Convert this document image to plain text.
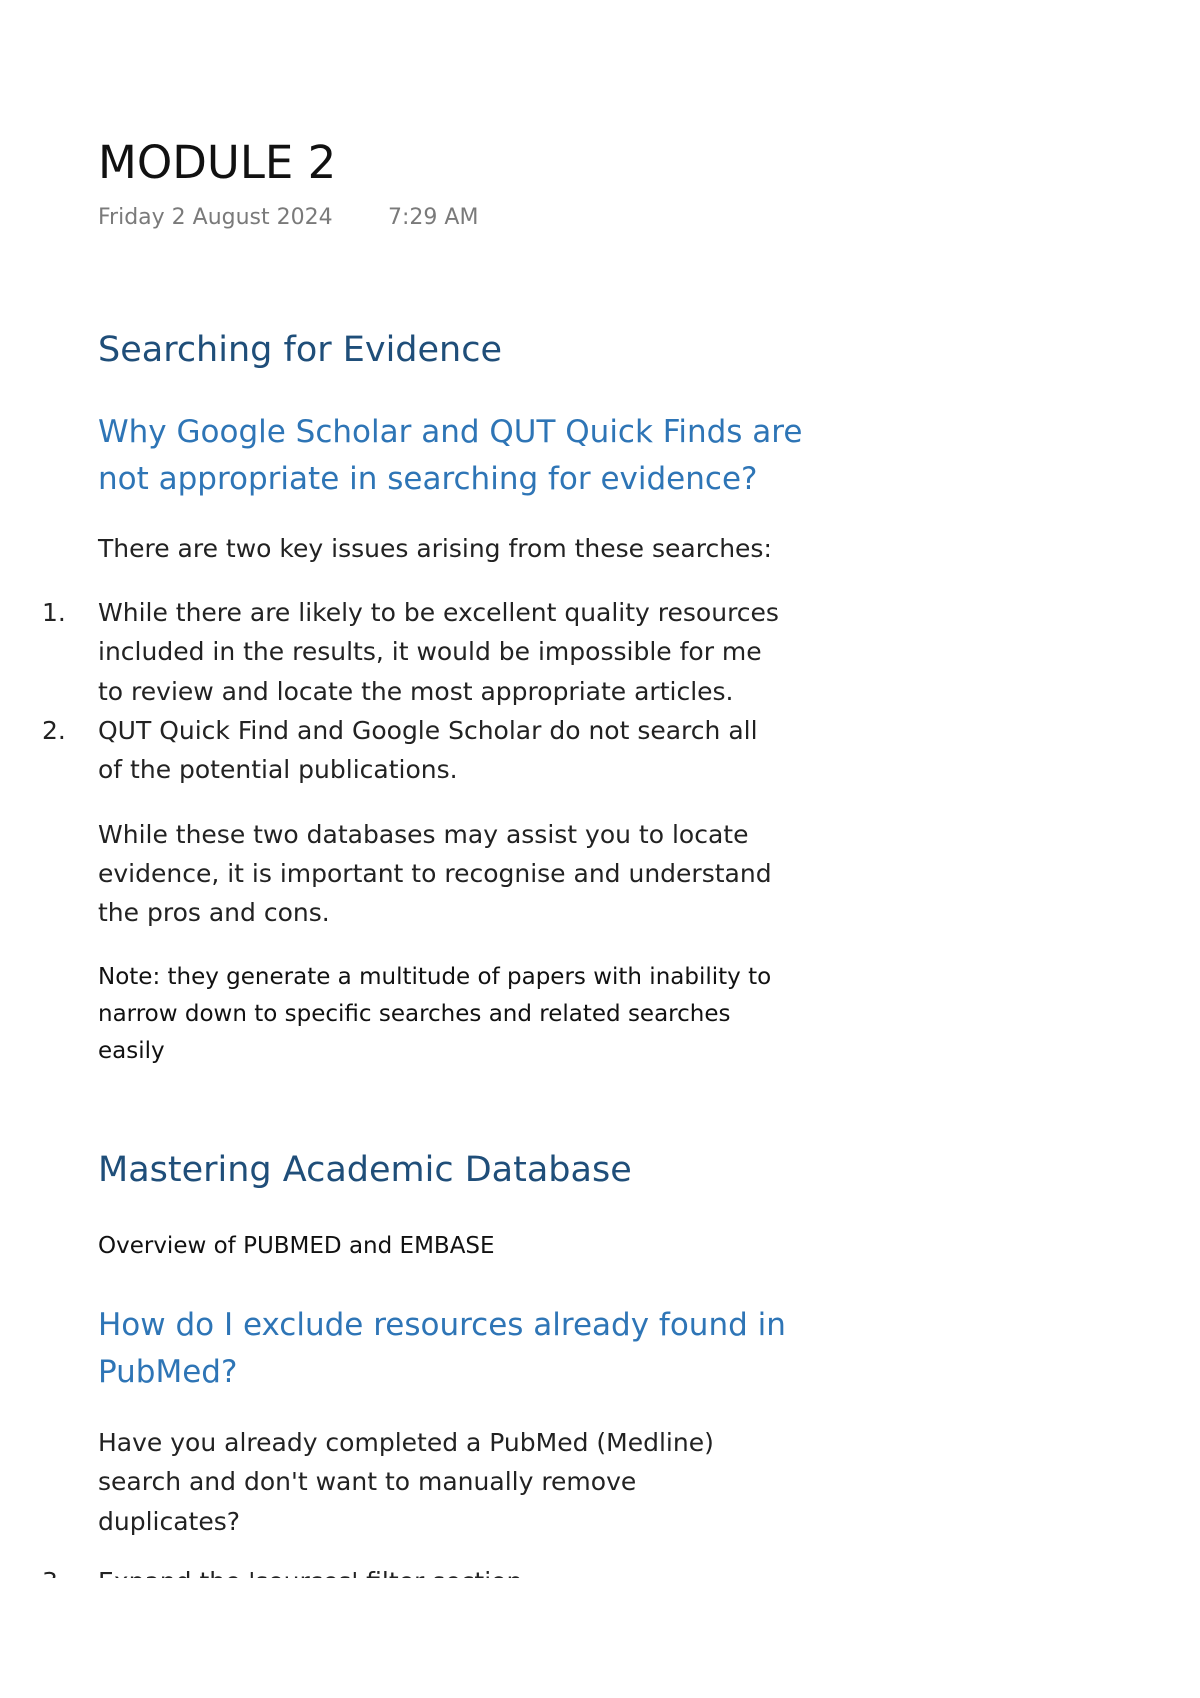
MODULE 2
Friday 2 August 2024	7:29 AM
Searching for Evidence
Why Google Scholar and QUT Quick Finds are
not appropriate in searching for evidence?

There are two key issues arising from these searches:

1. While there are likely to be excellent quality resources

included in the results, it would be impossible for me

to review and locate the most appropriate articles.

2. QUT Quick Find and Google Scholar do not search all

of the potential publications.

While these two databases may assist you to locate

evidence, it is important to recognise and understand

the pros and cons.

Note: they generate a multitude of papers with inability to

narrow down to specific searches and related searches

easily

Mastering Academic Database

Overview of PUBMED and EMBASE

How do I exclude resources already found in
PubMed?

Have you already completed a PubMed (Medline)

search and don't want to manually remove

duplicates?
